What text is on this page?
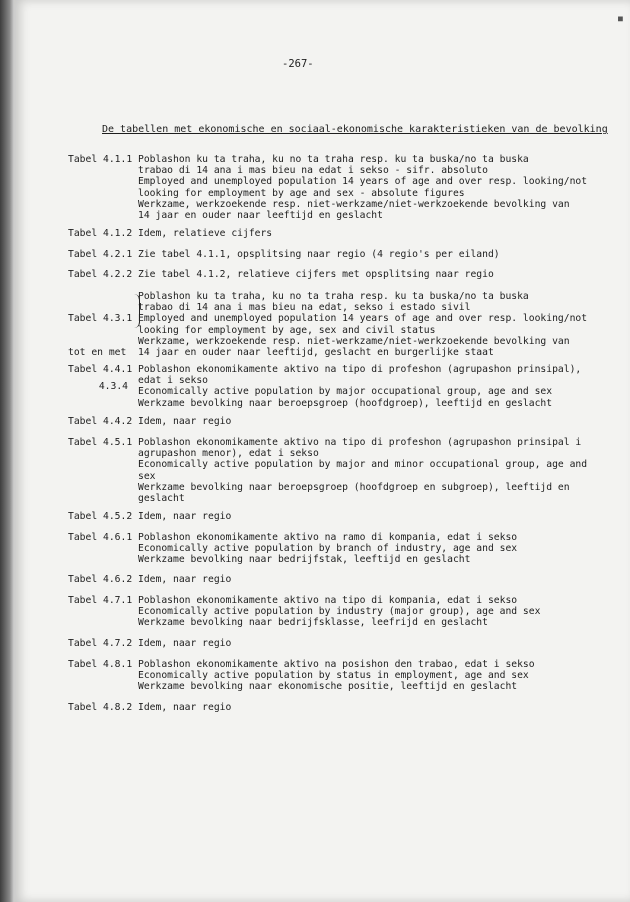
■
-267-
De tabellen met ekonomische en sociaal-ekonomische karakteristieken van de bevolking
Tabel 4.1.1 Poblashon ku ta traha, ku no ta traha resp. ku ta buska/no ta buska
trabao di 14 ana i mas bieu na edat i sekso - sifr. absoluto
Employed and unemployed population 14 years of age and over resp. looking/not
looking for employment by age and sex - absolute figures
Werkzame, werkzoekende resp. niet-werkzame/niet-werkzoekende bevolking van
14 jaar en ouder naar leeftijd en geslacht
Tabel 4.1.2 Idem, relatieve cijfers
Tabel 4.2.1 Zie tabel 4.1.1, opsplitsing naar regio (4 regio's per eiland)
Tabel 4.2.2 Zie tabel 4.1.2, relatieve cijfers met opsplitsing naar regio

Tabel 4.3.1

tot en met

4.3.4

Poblashon ku ta traha, ku no ta traha resp. ku ta buska/no ta buska
trabao di 14 ana i mas bieu na edat, sekso i estado sivil
Employed and unemployed population 14 years of age and over resp. looking/not
looking for employment by age, sex and civil status
Werkzame, werkzoekende resp. niet-werkzame/niet-werkzoekende bevolking van
14 jaar en ouder naar leeftijd, geslacht en burgerlijke staat
Tabel 4.4.1 Poblashon ekonomikamente aktivo na tipo di profeshon (agrupashon prinsipal),
edat i sekso
Economically active population by major occupational group, age and sex
Werkzame bevolking naar beroepsgroep (hoofdgroep), leeftijd en geslacht
Tabel 4.4.2 Idem, naar regio
Tabel 4.5.1 Poblashon ekonomikamente aktivo na tipo di profeshon (agrupashon prinsipal i
agrupashon menor), edat i sekso
Economically active population by major and minor occupational group, age and
sex
Werkzame bevolking naar beroepsgroep (hoofdgroep en subgroep), leeftijd en
geslacht
Tabel 4.5.2 Idem, naar regio
Tabel 4.6.1 Poblashon ekonomikamente aktivo na ramo di kompania, edat i sekso
Economically active population by branch of industry, age and sex
Werkzame bevolking naar bedrijfstak, leeftijd en geslacht
Tabel 4.6.2 Idem, naar regio
Tabel 4.7.1 Poblashon ekonomikamente aktivo na tipo di kompania, edat i sekso
Economically active population by industry (major group), age and sex
Werkzame bevolking naar bedrijfsklasse, leefrijd en geslacht
Tabel 4.7.2 Idem, naar regio
Tabel 4.8.1 Poblashon ekonomikamente aktivo na posishon den trabao, edat i sekso
Economically active population by status in employment, age and sex
Werkzame bevolking naar ekonomische positie, leeftijd en geslacht
Tabel 4.8.2 Idem, naar regio
